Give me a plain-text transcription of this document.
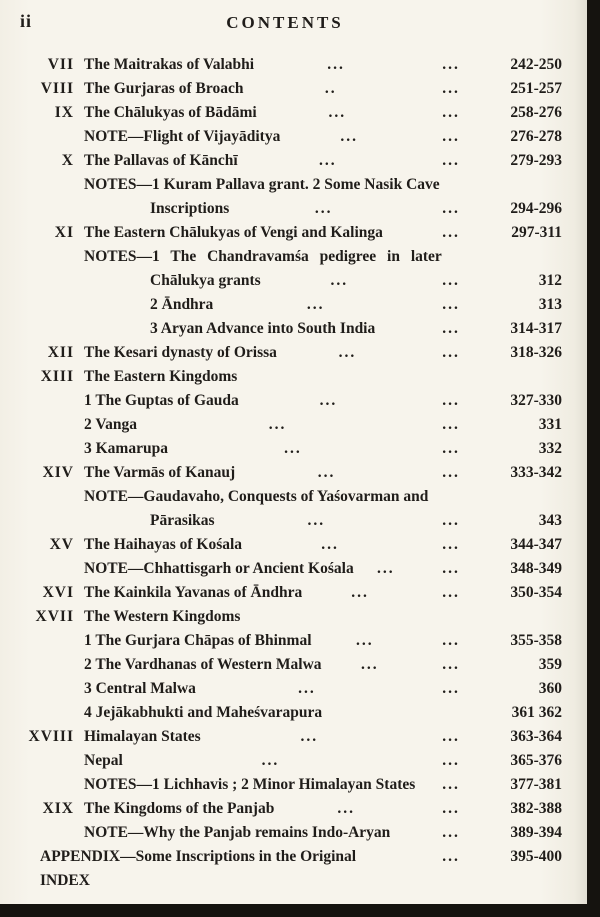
ii	CONTENTS
VII The Maitrakas of Valabhi	...	...	242-250
VIII The Gurjaras of Broach	..	...	251-257
IX The Chālukyas of Bādāmi	...	...	258-276
NOTE—Flight of Vijayāditya	...	...	276-278
X The Pallavas of Kānchī	...	...	279-293
NOTES—1 Kuram Pallava grant. 2 Some Nasik Cave
Inscriptions	...	...	294-296
XI The Eastern Chālukyas of Vengi and Kalinga	...	297-311
NOTES—1 The Chandravamśa pedigree in later
Chālukya grants	...	...	312
2 Āndhra	...	...	313
3 Aryan Advance into South India	...	314-317
XII The Kesari dynasty of Orissa	...	...	318-326
XIII The Eastern Kingdoms
1 The Guptas of Gauda	...	...	327-330
2 Vanga	...	...	331
3 Kamarupa	...	...	332
XIV The Varmās of Kanauj	...	...	333-342
NOTE—Gaudavaho, Conquests of Yaśovarman and
Pārasikas	...	...	343
XV The Haihayas of Kośala	...	...	344-347
NOTE—Chhattisgarh or Ancient Kośala	...	...	348-349
XVI The Kainkila Yavanas of Āndhra	...	...	350-354
XVII The Western Kingdoms
1 The Gurjara Chāpas of Bhinmal	...	...	355-358
2 The Vardhanas of Western Malwa	...	...	359
3 Central Malwa	...	...	360
4 Jejākabhukti and Maheśvarapura	361 362
XVIII Himalayan States	...	...	363-364
Nepal	...	...	365-376
NOTES—1 Lichhavis ; 2 Minor Himalayan States	...	377-381
XIX The Kingdoms of the Panjab	...	...	382-388
NOTE—Why the Panjab remains Indo-Aryan	...	389-394
APPENDIX—Some Inscriptions in the Original	...	395-400
INDEX
